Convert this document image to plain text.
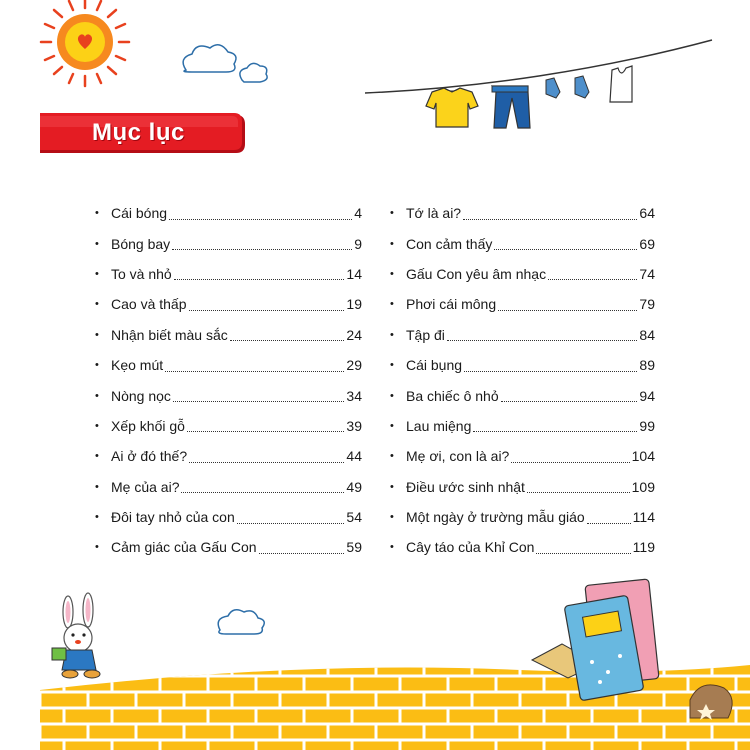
Mục lục
• Cái bóng	4
• Bóng bay	9
• To và nhỏ	14
• Cao và thấp	19
• Nhận biết màu sắc	24
• Kẹo mút	29
• Nòng nọc	34
• Xếp khối gỗ	39
• Ai ở đó thế?	44
• Mẹ của ai?	49
• Đôi tay nhỏ của con	54
• Cảm giác của Gấu Con	59
• Tớ là ai?	64
• Con cảm thấy	69
• Gấu Con yêu âm nhạc	74
• Phơi cái mông	79
• Tập đi	84
• Cái bụng	89
• Ba chiếc ô nhỏ	94
• Lau miệng	99
• Mẹ ơi, con là ai?	104
• Điều ước sinh nhật	109
• Một ngày ở trường mẫu giáo	114
• Cây táo của Khỉ Con	119
